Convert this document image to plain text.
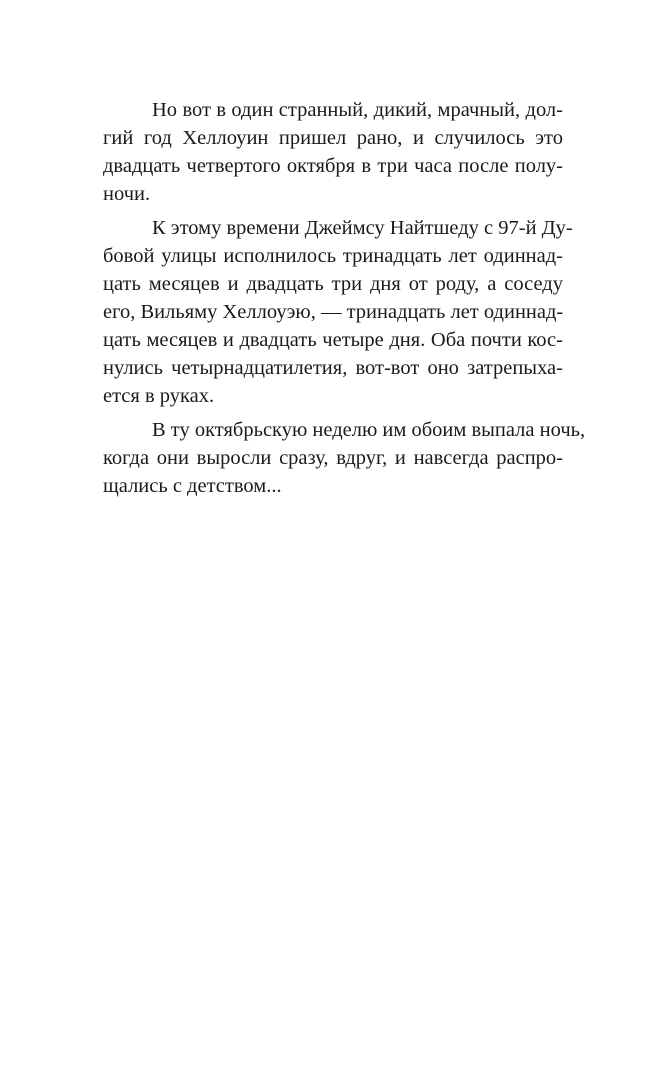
Но вот в один странный, дикий, мрачный, дол-
гий год Хеллоуин пришел рано, и случилось это
двадцать четвертого октября в три часа после полу-
ночи.
К этому времени Джеймсу Найтшеду с 97-й Ду-
бовой улицы исполнилось тринадцать лет одиннад-
цать месяцев и двадцать три дня от роду, а соседу
его, Вильяму Хеллоуэю, — тринадцать лет одиннад-
цать месяцев и двадцать четыре дня. Оба почти кос-
нулись четырнадцатилетия, вот-вот оно затрепыха-
ется в руках.
В ту октябрьскую неделю им обоим выпала ночь,
когда они выросли сразу, вдруг, и навсегда распро-
щались с детством...
